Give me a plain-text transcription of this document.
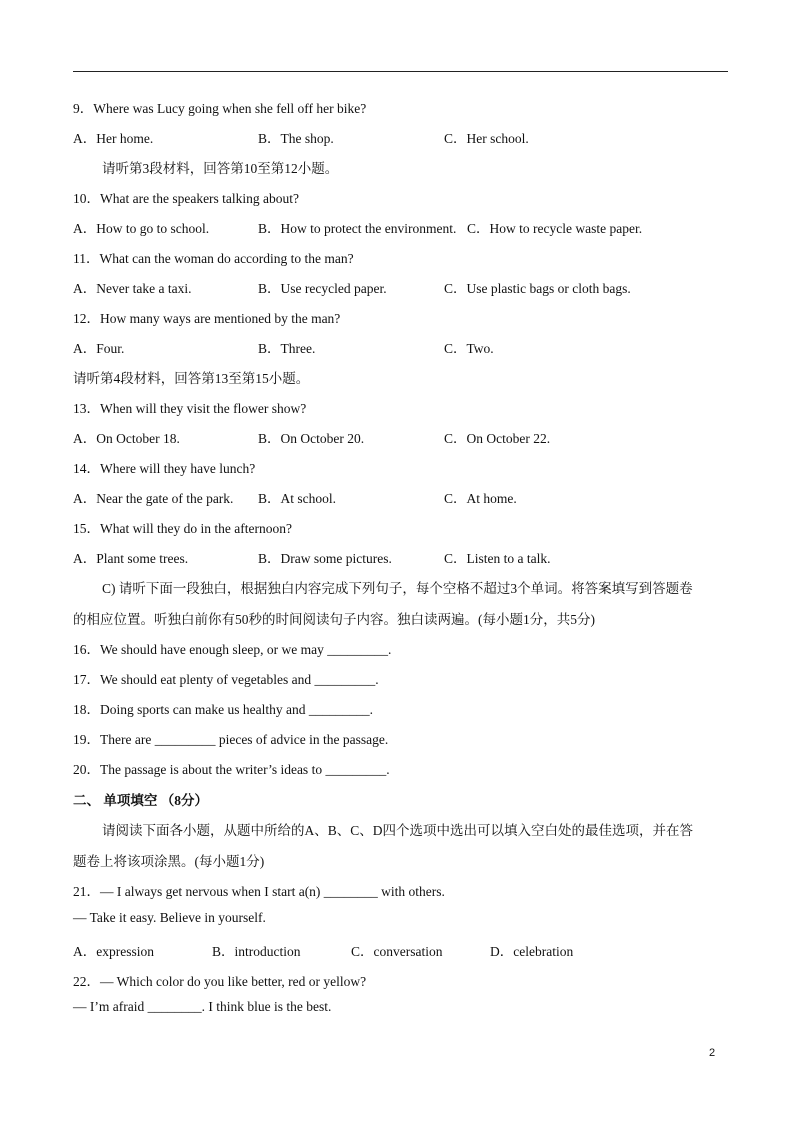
9．Where was Lucy going when she fell off her bike?
A．Her home.	B．The shop.	C．Her school.
请听第3段材料，回答第10至第12小题。
10．What are the speakers talking about?
A．How to go to school.	B．How to protect the environment. C．How to recycle waste paper.
11．What can the woman do according to the man?
A．Never take a taxi.	B．Use recycled paper.	C．Use plastic bags or cloth bags.
12．How many ways are mentioned by the man?
A．Four.	B．Three.	C．Two.
请听第4段材料，回答第13至第15小题。
13．When will they visit the flower show?
A．On October 18.	B．On October 20.	C．On October 22.
14．Where will they have lunch?
A．Near the gate of the park. B．At school.	C．At home.
15．What will they do in the afternoon?
A．Plant some trees.	B．Draw some pictures.	C．Listen to a talk.
C) 请听下面一段独白，根据独白内容完成下列句子，每个空格不超过3个单词。将答案填写到答题卷
的相应位置。听独白前你有50秒的时间阅读句子内容。独白读两遍。(每小题1分，共5分)
16．We should have enough sleep, or we may _________.
17．We should eat plenty of vegetables and _________.
18．Doing sports can make us healthy and _________.
19．There are _________ pieces of advice in the passage.
20．The passage is about the writer’s ideas to _________.
二、 单项填空 （8分）
请阅读下面各小题，从题中所给的A、B、C、D四个选项中选出可以填入空白处的最佳选项，并在答
题卷上将该项涂黑。(每小题1分)
21．— I always get nervous when I start a(n) ________ with others.
— Take it easy. Believe in yourself.
A．expression	B．introduction	C．conversation	D．celebration
22．— Which color do you like better, red or yellow?
— I’m afraid ________. I think blue is the best.
2
